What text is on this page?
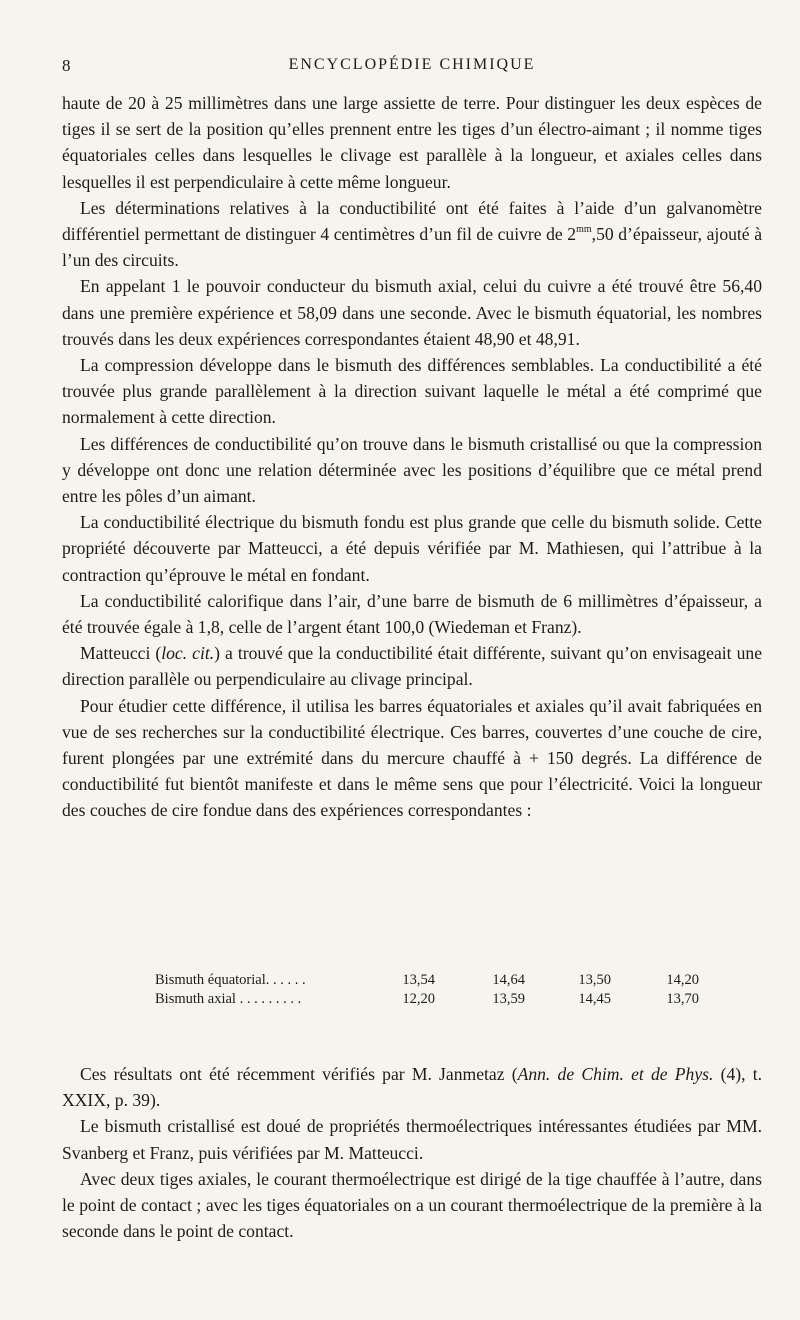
8	ENCYCLOPÉDIE CHIMIQUE

haute de 20 à 25 millimètres dans une large assiette de terre. Pour distinguer les deux espèces de tiges il se sert de la position qu’elles prennent entre les tiges d’un électro-aimant ; il nomme tiges équatoriales celles dans lesquelles le clivage est parallèle à la longueur, et axiales celles dans lesquelles il est perpendiculaire à cette même longueur.

Les déterminations relatives à la conductibilité ont été faites à l’aide d’un galvanomètre différentiel permettant de distinguer 4 centimètres d’un fil de cuivre de $2^{mm},50$ d’épaisseur, ajouté à l’un des circuits.

En appelant 1 le pouvoir conducteur du bismuth axial, celui du cuivre a été trouvé être 56,40 dans une première expérience et 58,09 dans une seconde. Avec le bismuth équatorial, les nombres trouvés dans les deux expériences correspondantes étaient 48,90 et 48,91.

La compression développe dans le bismuth des différences semblables. La conductibilité a été trouvée plus grande parallèlement à la direction suivant laquelle le métal a été comprimé que normalement à cette direction.

Les différences de conductibilité qu’on trouve dans le bismuth cristallisé ou que la compression y développe ont donc une relation déterminée avec les positions d’équilibre que ce métal prend entre les pôles d’un aimant.

La conductibilité électrique du bismuth fondu est plus grande que celle du bismuth solide. Cette propriété découverte par Matteucci, a été depuis vérifiée par M. Mathiesen, qui l’attribue à la contraction qu’éprouve le métal en fondant.

La conductibilité calorifique dans l’air, d’une barre de bismuth de 6 millimètres d’épaisseur, a été trouvée égale à 1,8, celle de l’argent étant 100,0 (Wiedeman et Franz).

Matteucci (loc. cit.) a trouvé que la conductibilité était différente, suivant qu’on envisageait une direction parallèle ou perpendiculaire au clivage principal.

Pour étudier cette différence, il utilisa les barres équatoriales et axiales qu’il avait fabriquées en vue de ses recherches sur la conductibilité électrique. Ces barres, couvertes d’une couche de cire, furent plongées par une extrémité dans du mercure chauffé à + 150 degrés. La différence de conductibilité fut bientôt manifeste et dans le même sens que pour l’électricité. Voici la longueur des couches de cire fondue dans des expériences correspondantes :

Bismuth équatorial. . . . . .	13,54	14,64	13,50	14,20
Bismuth axial . . . . . . . . .	12,20	13,59	14,45	13,70

Ces résultats ont été récemment vérifiés par M. Janmetaz (Ann. de Chim. et de Phys. (4), t. XXIX, p. 39).

Le bismuth cristallisé est doué de propriétés thermoélectriques intéressantes étudiées par MM. Svanberg et Franz, puis vérifiées par M. Matteucci.

Avec deux tiges axiales, le courant thermoélectrique est dirigé de la tige chauffée à l’autre, dans le point de contact ; avec les tiges équatoriales on a un courant thermoélectrique de la première à la seconde dans le point de contact.
